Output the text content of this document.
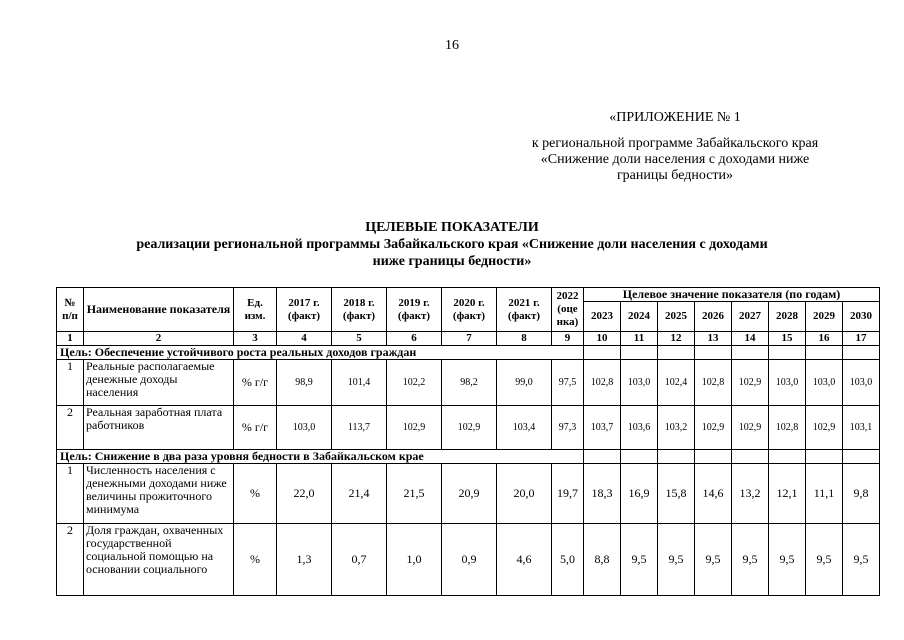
16
«ПРИЛОЖЕНИЕ № 1
к региональной программе Забайкальского края
«Снижение доли населения с доходами ниже
границы бедности»
ЦЕЛЕВЫЕ ПОКАЗАТЕЛИ
реализации региональной программы Забайкальского края «Снижение доли населения с доходами
ниже границы бедности»
№ п/п	Наименование показателя	Ед. изм.	2017 г. (факт)	2018 г. (факт)	2019 г. (факт)	2020 г. (факт)	2021 г. (факт)	2022 (оце нка)	Целевое значение показателя (по годам)							
									2023	2024	2025	2026	2027	2028	2029	2030
1	2	3	4	5	6	7	8	9	10	11	12	13	14	15	16	17
Цель: Обеспечение устойчивого роста реальных доходов граждан																
1	Реальные располагаемые денежные доходы населения	% г/г	98,9	101,4	102,2	98,2	99,0	97,5	102,8	103,0	102,4	102,8	102,9	103,0	103,0	103,0
2	Реальная заработная плата работников	% г/г	103,0	113,7	102,9	102,9	103,4	97,3	103,7	103,6	103,2	102,9	102,9	102,8	102,9	103,1
Цель: Снижение в два раза уровня бедности в Забайкальском крае																
1	Численность населения с денежными доходами ниже величины прожиточного минимума	%	22,0	21,4	21,5	20,9	20,0	19,7	18,3	16,9	15,8	14,6	13,2	12,1	11,1	9,8
2	Доля граждан, охваченных государственной социальной помощью на основании социального	%	1,3	0,7	1,0	0,9	4,6	5,0	8,8	9,5	9,5	9,5	9,5	9,5	9,5	9,5
